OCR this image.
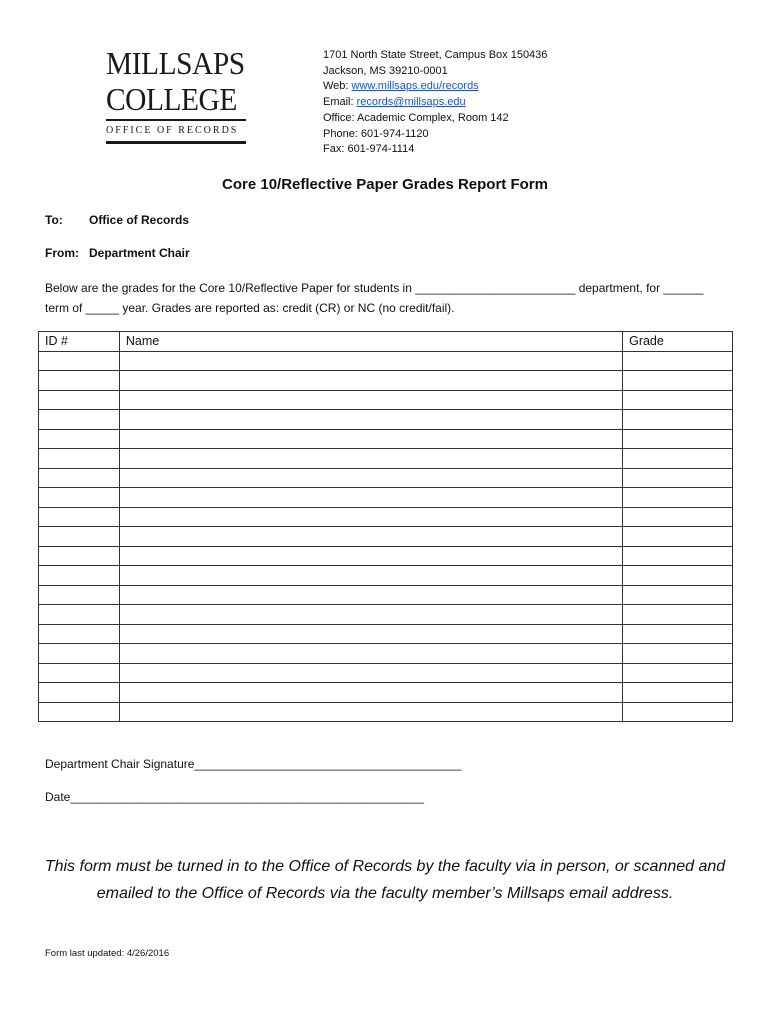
MILLSAPS
COLLEGE
OFFICE OF RECORDS
1701 North State Street, Campus Box 150436
Jackson, MS 39210-0001
Web: www.millsaps.edu/records
Email: records@millsaps.edu
Office: Academic Complex, Room 142
Phone: 601-974-1120
Fax: 601-974-1114
Core 10/Reflective Paper Grades Report Form
To: Office of Records
From: Department Chair
Below are the grades for the Core 10/Reflective Paper for students in ________________________ department, for ______ term of _____ year. Grades are reported as: credit (CR) or NC (no credit/fail).
ID #	Name	Grade

Department Chair Signature________________________________________
Date_____________________________________________________
This form must be turned in to the Office of Records by the faculty via in person, or scanned and emailed to the Office of Records via the faculty member’s Millsaps email address.
Form last updated: 4/26/2016
